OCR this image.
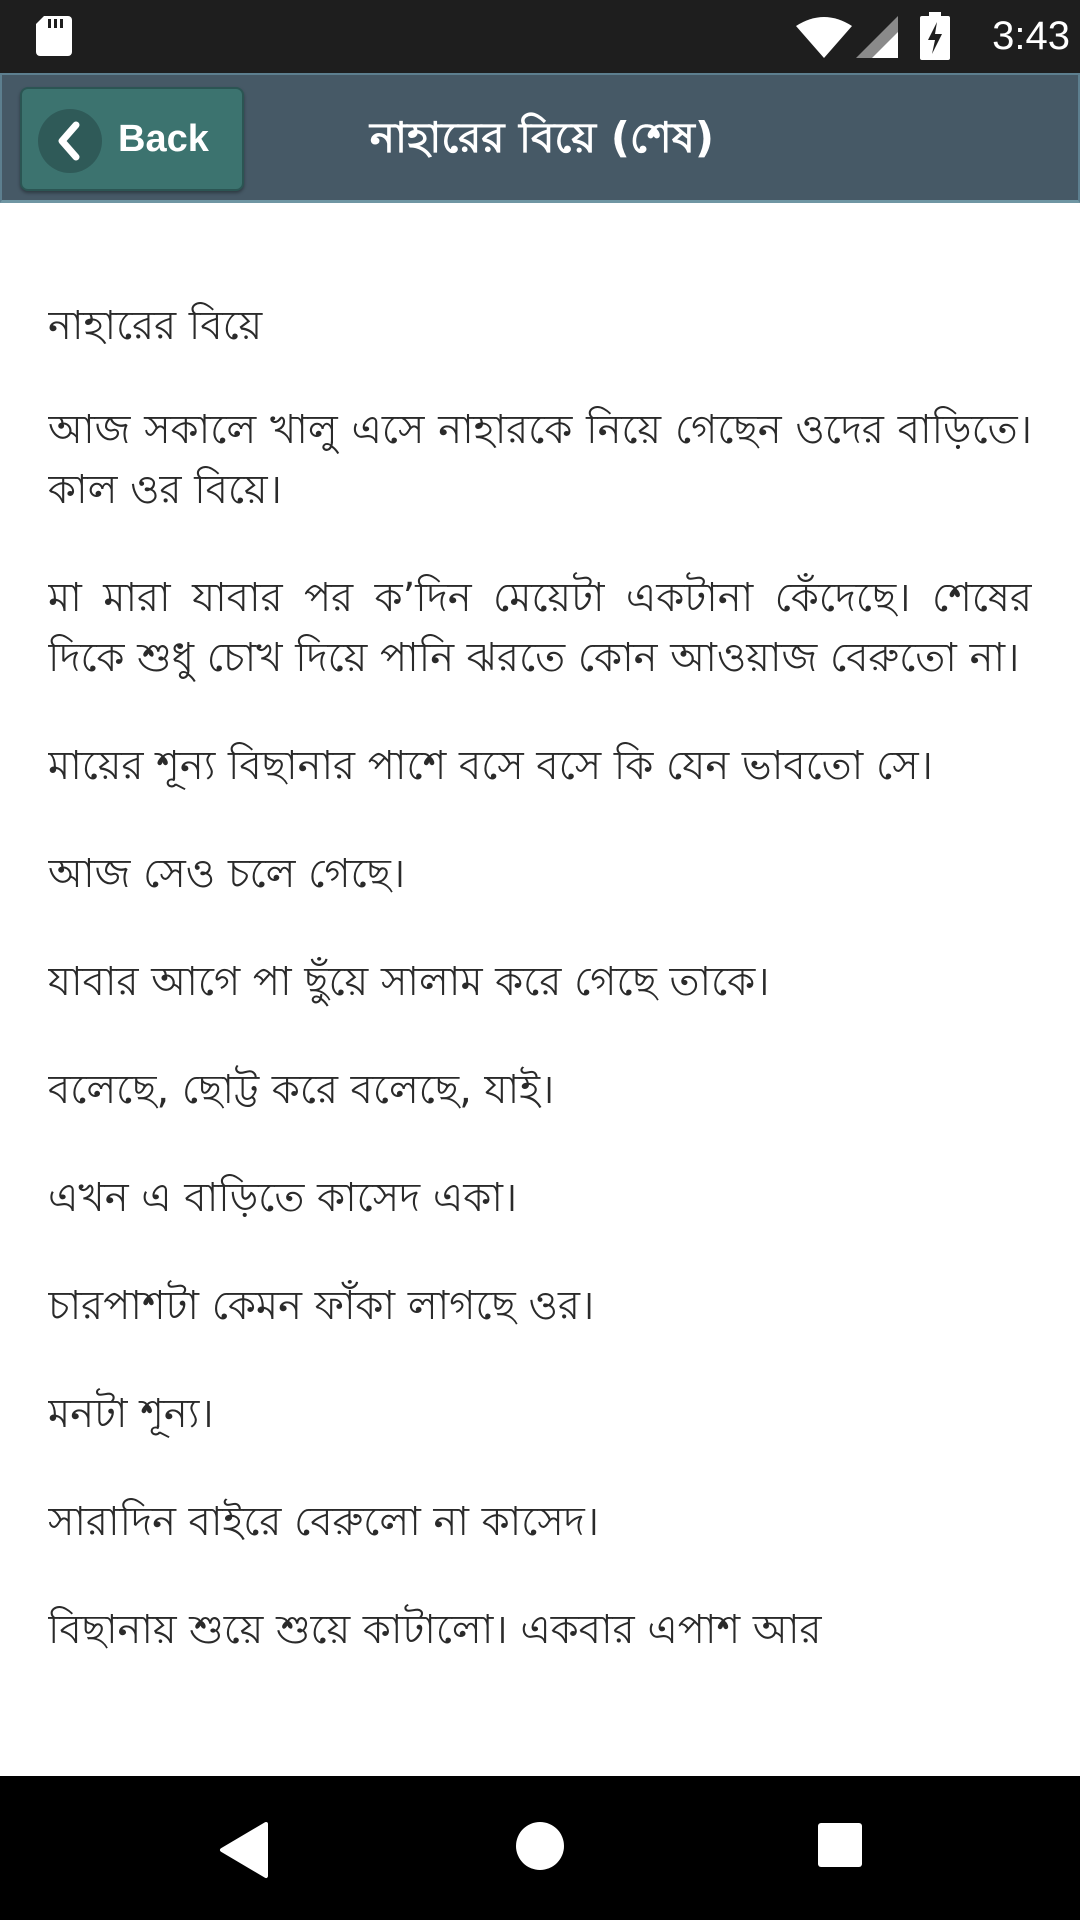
3:43
Back	নাহারের বিয়ে (শেষ)

নাহারের বিয়ে

আজ সকালে খালু এসে নাহারকে নিয়ে গেছেন ওদের বাড়িতে। কাল ওর বিয়ে।

মা মারা যাবার পর ক’দিন মেয়েটা একটানা কেঁদেছে। শেষের দিকে শুধু চোখ দিয়ে পানি ঝরতে কোন আওয়াজ বেরুতো না।

মায়ের শূন্য বিছানার পাশে বসে বসে কি যেন ভাবতো সে।

আজ সেও চলে গেছে।

যাবার আগে পা ছুঁয়ে সালাম করে গেছে তাকে।

বলেছে, ছোট্ট করে বলেছে, যাই।

এখন এ বাড়িতে কাসেদ একা।

চারপাশটা কেমন ফাঁকা লাগছে ওর।

মনটা শূন্য।

সারাদিন বাইরে বেরুলো না কাসেদ।

বিছানায় শুয়ে শুয়ে কাটালো। একবার এপাশ আর
